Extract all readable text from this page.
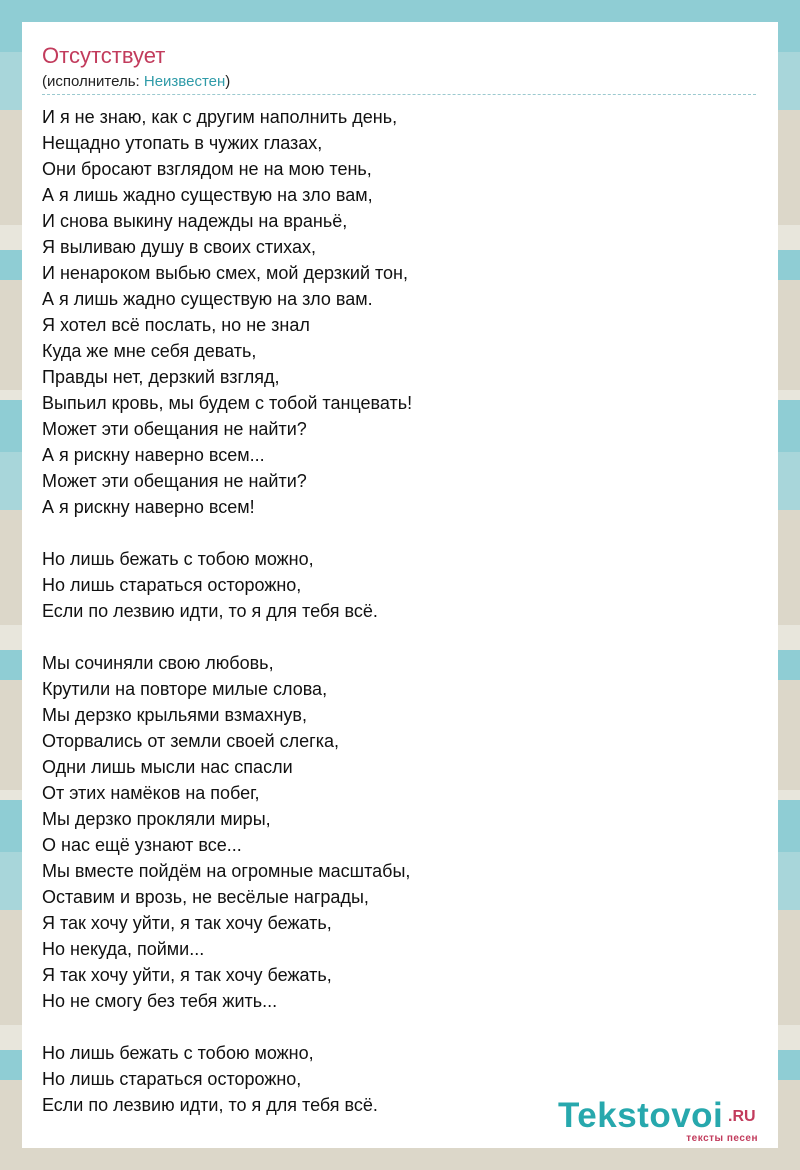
Отсутствует
(исполнитель: Неизвестен)
И я не знаю, как с другим наполнить день,
Нещадно утопать в чужих глазах,
Они бросают взглядом не на мою тень,
А я лишь жадно существую на зло вам,
И снова выкину надежды на враньё,
Я выливаю душу в своих стихах,
И ненароком выбью смех, мой дерзкий тон,
А я лишь жадно существую на зло вам.
Я хотел всё послать, но не знал
Куда же мне себя девать,
Правды нет, дерзкий взгляд,
Выпьил кровь, мы будем с тобой танцевать!
Может эти обещания не найти?
А я рискну наверно всем...
Может эти обещания не найти?
А я рискну наверно всем!
Но лишь бежать с тобою можно,
Но лишь стараться осторожно,
Если по лезвию идти, то я для тебя всё.
Мы сочиняли свою любовь,
Крутили на повторе милые слова,
Мы дерзко крыльями взмахнув,
Оторвались от земли своей слегка,
Одни лишь мысли нас спасли
От этих намёков на побег,
Мы дерзко прокляли миры,
О нас ещё узнают все...
Мы вместе пойдём на огромные масштабы,
Оставим и врозь, не весёлые награды,
Я так хочу уйти, я так хочу бежать,
Но некуда, пойми...
Я так хочу уйти, я так хочу бежать,
Но не смогу без тебя жить...
Но лишь бежать с тобою можно,
Но лишь стараться осторожно,
Если по лезвию идти, то я для тебя всё.	Tekstovoi .RU
тексты песен
